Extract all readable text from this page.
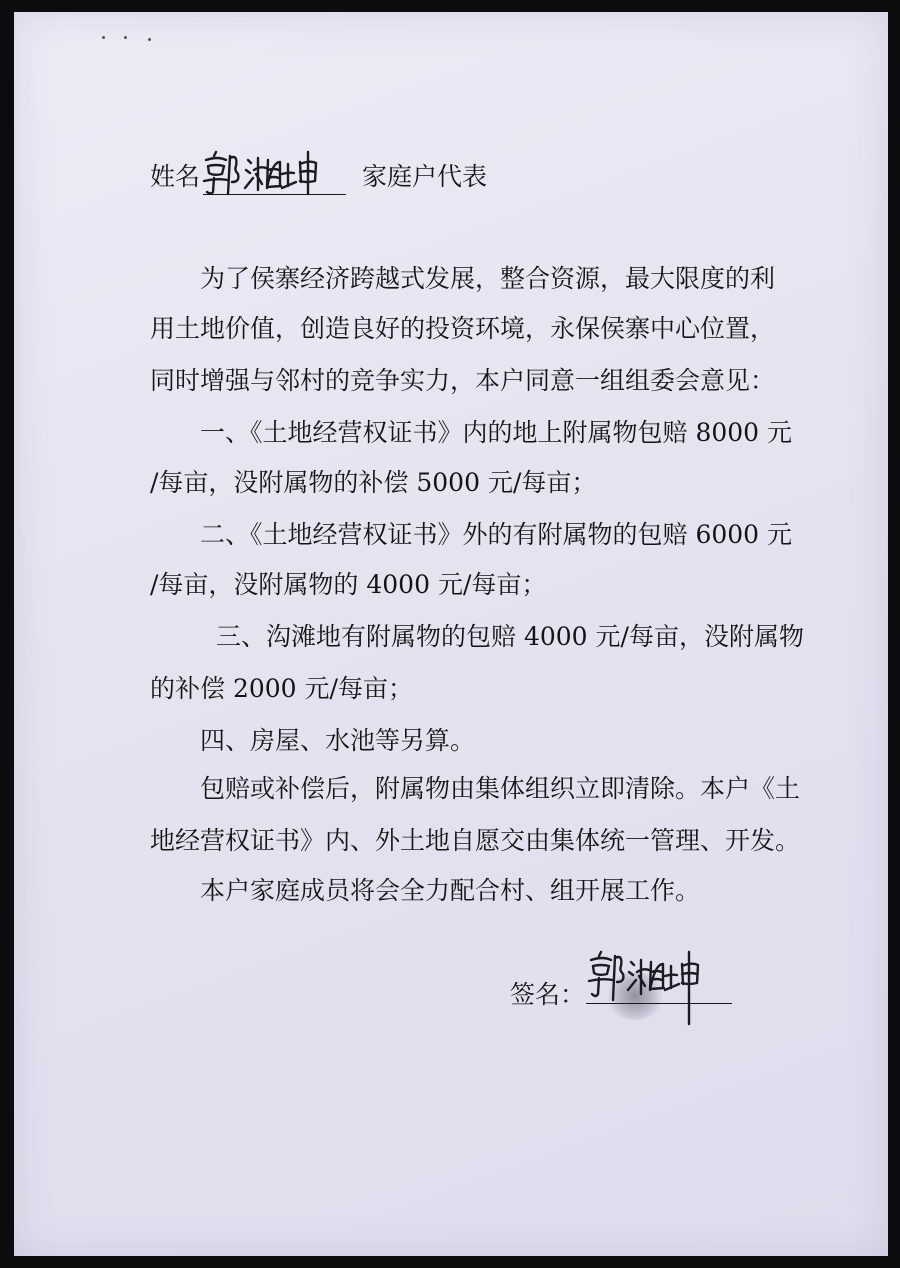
姓名	家庭户代表
为了侯寨经济跨越式发展，整合资源，最大限度的利
用土地价值，创造良好的投资环境，永保侯寨中心位置，
同时增强与邻村的竞争实力，本户同意一组组委会意见：
一、《土地经营权证书》内的地上附属物包赔 8000 元
/每亩，没附属物的补偿 5000 元/每亩；
二、《土地经营权证书》外的有附属物的包赔 6000 元
/每亩，没附属物的 4000 元/每亩；
三、沟滩地有附属物的包赔 4000 元/每亩，没附属物
的补偿 2000 元/每亩；
四、房屋、水池等另算。
包赔或补偿后，附属物由集体组织立即清除。本户《土
地经营权证书》内、外土地自愿交由集体统一管理、开发。
本户家庭成员将会全力配合村、组开展工作。
签名：
